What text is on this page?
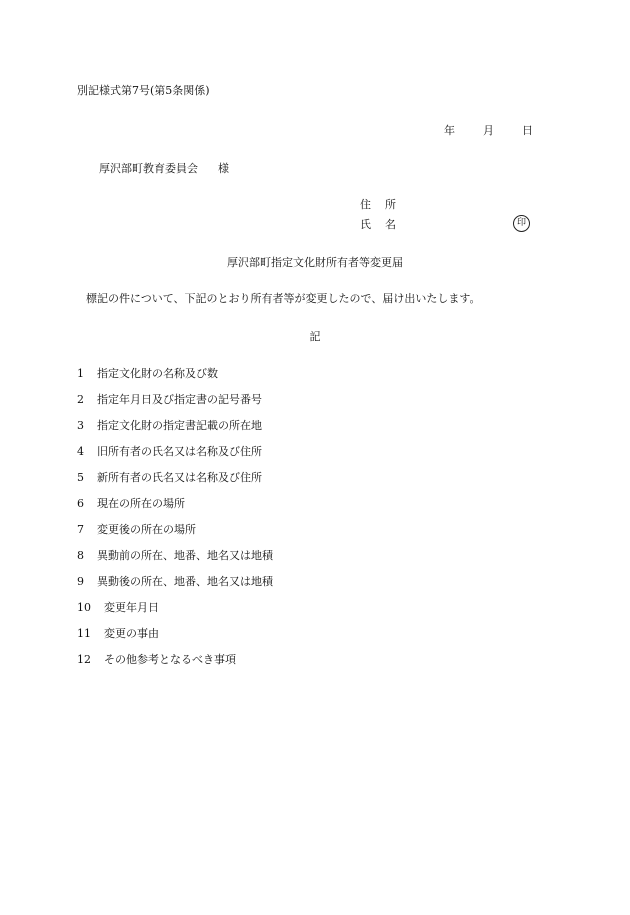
別記様式第7号(第5条関係)
年	月	日
厚沢部町教育委員会 様
住 所
氏 名	印
厚沢部町指定文化財所有者等変更届
標記の件について、下記のとおり所有者等が変更したので、届け出いたします。
記
1 指定文化財の名称及び数
2 指定年月日及び指定書の記号番号
3 指定文化財の指定書記載の所在地
4 旧所有者の氏名又は名称及び住所
5 新所有者の氏名又は名称及び住所
6 現在の所在の場所
7 変更後の所在の場所
8 異動前の所在、地番、地名又は地積
9 異動後の所在、地番、地名又は地積
10 変更年月日
11 変更の事由
12 その他参考となるべき事項
